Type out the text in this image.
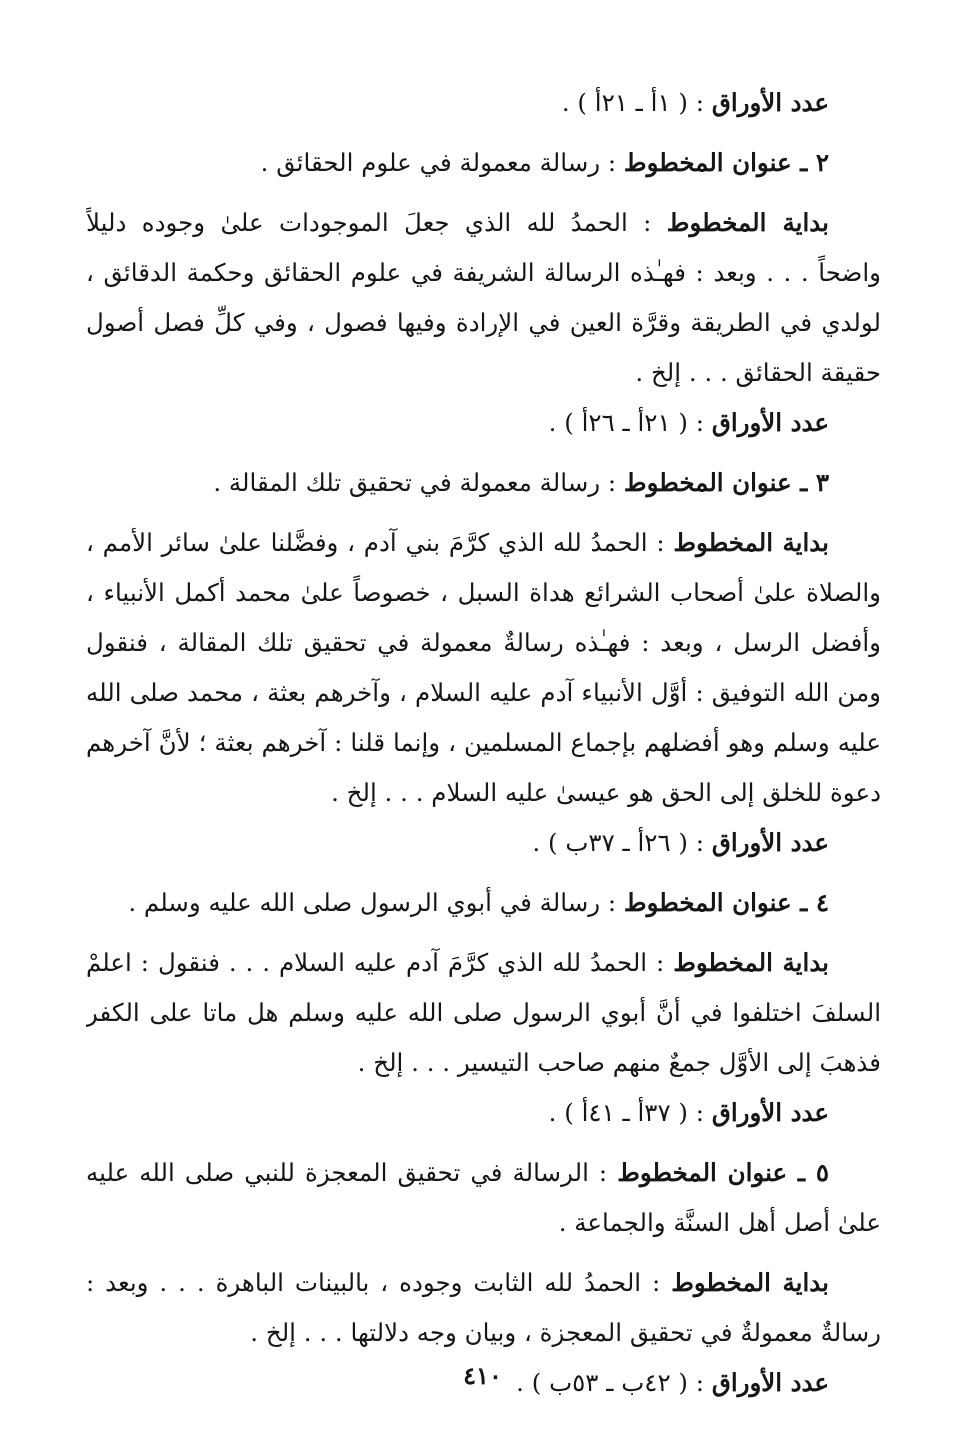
عدد الأوراق : ( ١أ ـ ٢١أ ) .

٢ ـ عنوان المخطوط : رسالة معمولة في علوم الحقائق .

بداية المخطوط : الحمدُ لله الذي جعلَ الموجودات علىٰ وجوده دليلاً

واضحاً . . . وبعد : فهـٰذه الرسالة الشريفة في علوم الحقائق وحكمة الدقائق ،

لولدي في الطريقة وقرَّة العين في الإرادة وفيها فصول ، وفي كلِّ فصل أصول

حقيقة الحقائق . . . إلخ .

عدد الأوراق : ( ٢١أ ـ ٢٦أ ) .

٣ ـ عنوان المخطوط : رسالة معمولة في تحقيق تلك المقالة .

بداية المخطوط : الحمدُ لله الذي كرَّمَ بني آدم ، وفضَّلنا علىٰ سائر الأمم ،

والصلاة علىٰ أصحاب الشرائع هداة السبل ، خصوصاً علىٰ محمد أكمل الأنبياء ،

وأفضل الرسل ، وبعد : فهـٰذه رسالةٌ معمولة في تحقيق تلك المقالة ، فنقول

ومن الله التوفيق : أوَّل الأنبياء آدم عليه السلام ، وآخرهم بعثة ، محمد صلى الله

عليه وسلم وهو أفضلهم بإجماع المسلمين ، وإنما قلنا : آخرهم بعثة ؛ لأنَّ آخرهم

دعوة للخلق إلى الحق هو عيسىٰ عليه السلام . . . إلخ .

عدد الأوراق : ( ٢٦أ ـ ٣٧ب ) .

٤ ـ عنوان المخطوط : رسالة في أبوي الرسول صلى الله عليه وسلم .

بداية المخطوط : الحمدُ لله الذي كرَّمَ آدم عليه السلام . . . فنقول : اعلمْ

السلفَ اختلفوا في أنَّ أبوي الرسول صلى الله عليه وسلم هل ماتا على الكفر

فذهبَ إلى الأوَّل جمعٌ منهم صاحب التيسير . . . إلخ .

عدد الأوراق : ( ٣٧أ ـ ٤١أ ) .

٥ ـ عنوان المخطوط : الرسالة في تحقيق المعجزة للنبي صلى الله عليه

علىٰ أصل أهل السنَّة والجماعة .

بداية المخطوط : الحمدُ لله الثابت وجوده ، بالبينات الباهرة . . . وبعد :

رسالةٌ معمولةٌ في تحقيق المعجزة ، وبيان وجه دلالتها . . . إلخ .

عدد الأوراق : ( ٤٢ب ـ ٥٣ب ) .

٤١٠
